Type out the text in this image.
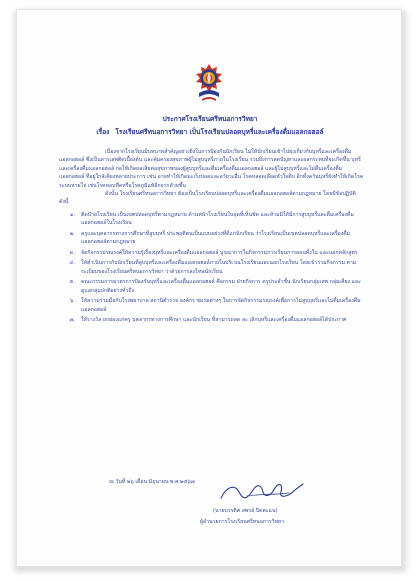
ประกาศโรงเรียนศรีทนอการวิทยา
เรื่อง โรงเรียนศรีทนอการวิทยา เป็นโรงเรียนปลอดบุหรี่และเครื่องดื่มแอลกอฮอล์

เนื่องจากโรงเรียนมีบทบาทสำคัญอย่างยิ่งในการป้องกันนักเรียน ไม่ให้นักเรียนเข้าไปยุ่งเกี่ยวกับบุหรี่และเครื่องดื่มแอลกอฮอล์ ซึ่งเป็นสารเสพติดเบื้องต้น และคุ้มครองสุขภาพผู้ไม่สูบบุหรี่ภายในโรงเรียน รวมถึงการลดปัญหาและผลกระทบที่จะเกิดขึ้น บุหรี่และเครื่องดื่มแอลกอฮอล์ ก่อให้เกิดผลเสียต่อสุขภาพของผู้สูบบุหรี่และดื่มเครื่องดื่มแอลกอฮอล์ และผู้ไม่สูบบุหรี่และไม่ดื่มเครื่องดื่มแอลกอฮอล์ ที่อยู่ใกล้เคียงหลายประการ เช่น อาจทำให้เกิดมะเร็งปอดและอวัยวะอื่น โรคหลอดเลือดหัวใจตีบ อีกทั้งควันบุหรี่ยังทำให้เกิดโรคระบบหายใจ เช่นโรคหอบหืดหรือโรคภูมิแพ้อีกจากด้วยขึ้น

ดังนั้น โรงเรียนศรีทนอการวิทยา ต้องเป็นโรงเรียนปลอดบุหรี่และเครื่องดื่มแอลกอฮอล์ตามกฎหมาย โดยมีข้อปฏิบัติ ดังนี้

๑.	ติดป้ายโรงเรียน เป็นเขตปลอดบุหรี่ตามกฎหมาย ด้านหน้าโรงเรียนในจุดที่เห็นชัด และห้ามมิให้มีการสูบบุหรี่และดื่มเครื่องดื่มแอลกอฮอล์ในโรงเรียน
๒.	ครูและบุคลากรทางการศึกษาที่สูบบุหรี่ ประพฤติตนเป็นแบบอย่างที่ดีแก่นักเรียน ว่าโรงเรียนเป็นเขตปลอดบุหรี่และเครื่องดื่มแอลกอฮอล์ตามกฎหมาย
๓.	จัดกิจกรรมรณรงค์ให้ความรู้เรื่องบุหรี่และเครื่องดื่มแอลกอฮอล์ บูรณาการในกิจกรรมการเรียนการสอนทั้งใน และนอกหลักสูตร
๔.	ให้ดำเนินการกับนักเรียนที่สูบบุหรี่และเครื่องดื่มแอลกอฮอล์ภายในบริเวณโรงเรียนและนอกโรงเรียน โดยเข้าร่วมกิจกรรม ตามระเบียบของโรงเรียนศรีทนอการวิทยา ว่าด้วยการลงโทษนักเรียน
๕.	คณะกรรมการมาตรการป้องกันบุหรี่และเครื่องดื่มแอลกอฮอล์ คือกรรม ฝ่ายกิจการ ครูประจำชั้น นักเรียนกลุ่มเสพ กลุ่มเสี่ยง และดูแลกลุ่มปกติอย่างทั่วถึง
๖.	ให้ความร่วมมือกับโรงพยาบาล สถานีตำรวจ องค์กร ชมรมต่างๆ ในการจัดกิจกรรมรณรงค์เพื่อการไม่สูบบุหรี่และไม่ดื่มเครื่องดื่มแอลกอฮอล์
๗.	ให้รางวัล ยกย่องแก่ครู บุคลากรทางการศึกษา และนักเรียน ที่สามารถลด ละ เลิกบุหรี่และเครื่องดื่มแอลกอฮอล์ได้ประกาศ
ณ วันที่ ๒๖ เดือน มิถุนายน พ.ศ.๒๕๖๗
(นายบรรดิศ ลพรอ์ ปิดตะแน)
ผู้อำนวยการโรงเรียนศรีทนอการวิทยา
